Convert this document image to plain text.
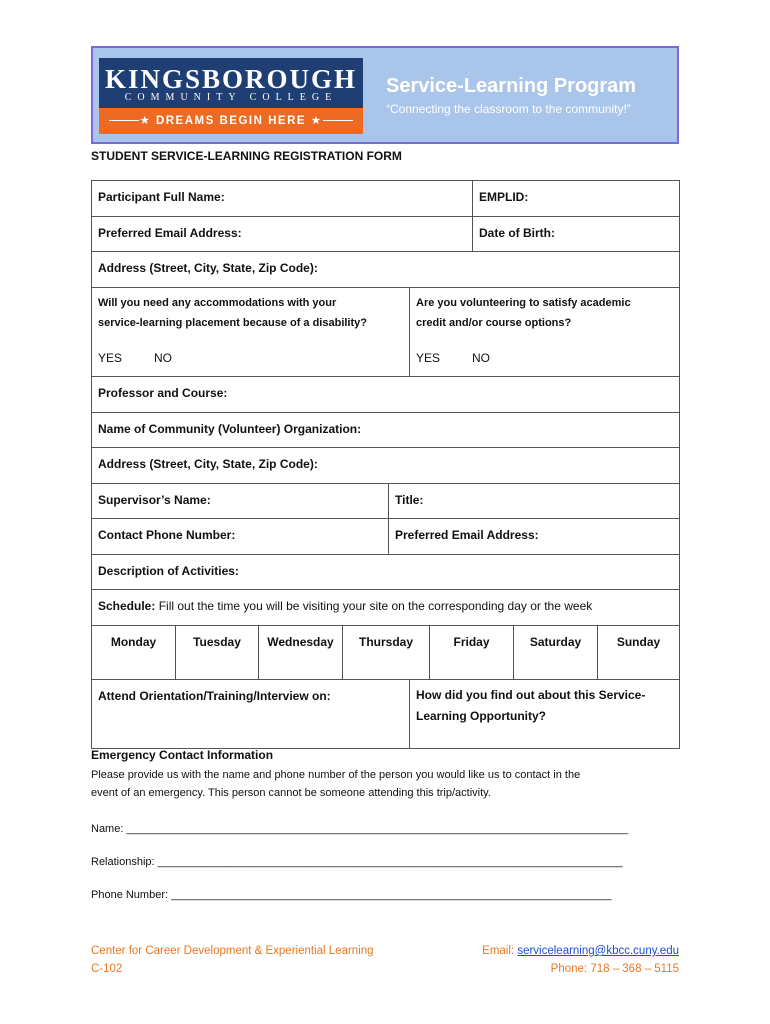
KINGSBOROUGH
COMMUNITY COLLEGE
★ DREAMS BEGIN HERE ★
Service-Learning Program
“Connecting the classroom to the community!”
STUDENT SERVICE-LEARNING REGISTRATION FORM
Participant Full Name:	EMPLID:
Preferred Email Address:	Date of Birth:
Address (Street, City, State, Zip Code):
Will you need any accommodations with your
service-learning placement because of a disability?
YES	NO
Are you volunteering to satisfy academic
credit and/or course options?
YES	NO
Professor and Course:
Name of Community (Volunteer) Organization:
Address (Street, City, State, Zip Code):
Supervisor’s Name:	Title:
Contact Phone Number:	Preferred Email Address:
Description of Activities:
Schedule: Fill out the time you will be visiting your site on the corresponding day or the week
Monday	Tuesday	Wednesday	Thursday	Friday	Saturday	Sunday
Attend Orientation/Training/Interview on:	How did you find out about this Service-
Learning Opportunity?
Emergency Contact Information
Please provide us with the name and phone number of the person you would like us to contact in the
event of an emergency. This person cannot be someone attending this trip/activity.
Name: __________________________________________________________________________________
Relationship: ____________________________________________________________________________
Phone Number: ________________________________________________________________________
Center for Career Development & Experiential Learning
C-102
Email: servicelearning@kbcc.cuny.edu
Phone: 718 – 368 – 5115
